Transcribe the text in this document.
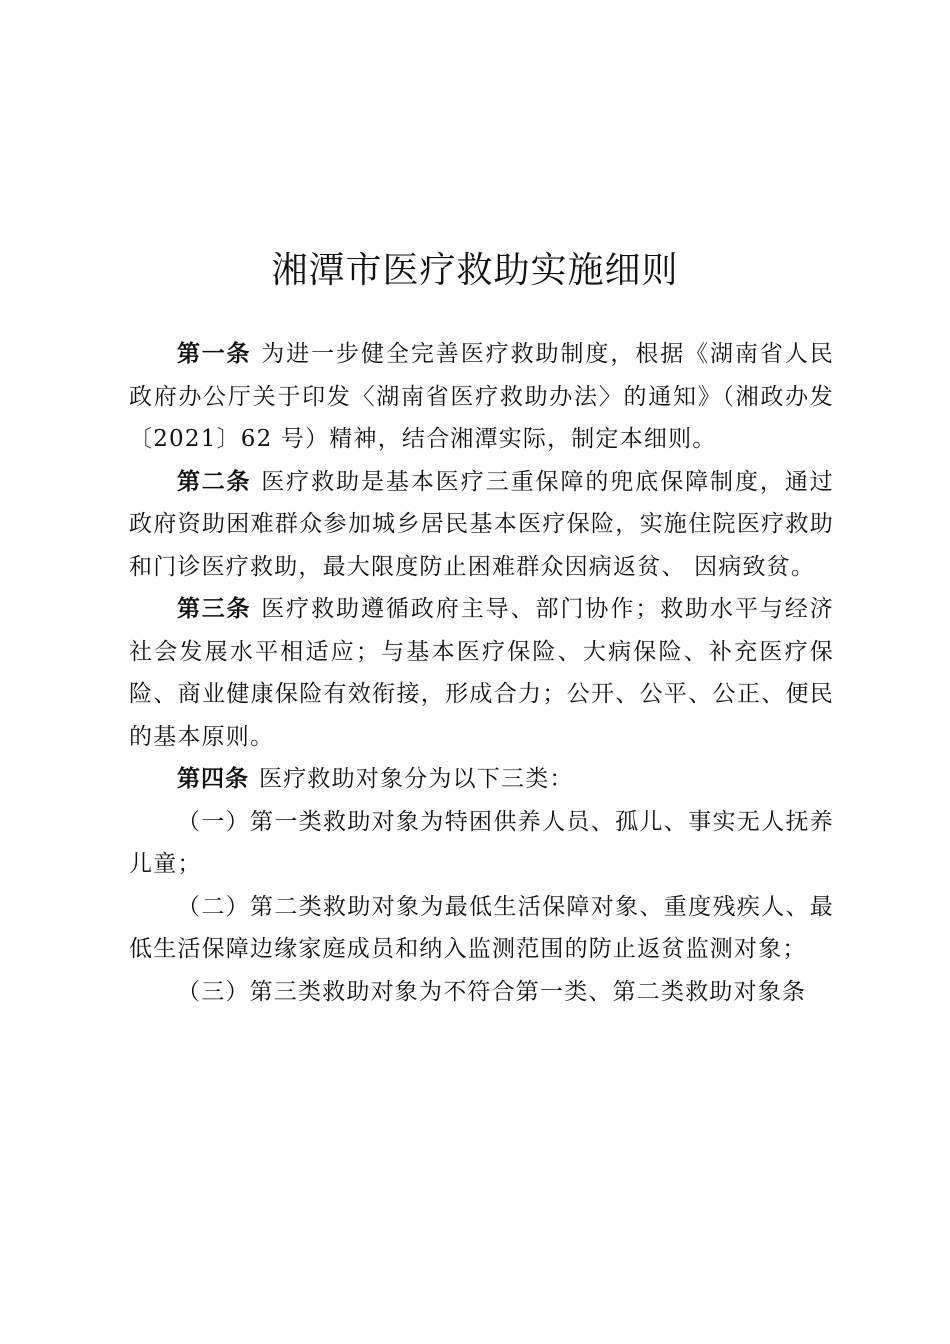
湘潭市医疗救助实施细则

第一条 为进一步健全完善医疗救助制度，根据《湖南省人民政府办公厅关于印发〈湖南省医疗救助办法〉的通知》（湘政办发〔2021〕62 号）精神，结合湘潭实际，制定本细则。

第二条 医疗救助是基本医疗三重保障的兜底保障制度，通过政府资助困难群众参加城乡居民基本医疗保险，实施住院医疗救助和门诊医疗救助，最大限度防止困难群众因病返贫、 因病致贫。

第三条 医疗救助遵循政府主导、部门协作；救助水平与经济社会发展水平相适应；与基本医疗保险、大病保险、补充医疗保险、商业健康保险有效衔接，形成合力；公开、公平、公正、便民的基本原则。

第四条 医疗救助对象分为以下三类：

（一）第一类救助对象为特困供养人员、孤儿、事实无人抚养儿童；

（二）第二类救助对象为最低生活保障对象、重度残疾人、最低生活保障边缘家庭成员和纳入监测范围的防止返贫监测对象；

（三）第三类救助对象为不符合第一类、第二类救助对象条
